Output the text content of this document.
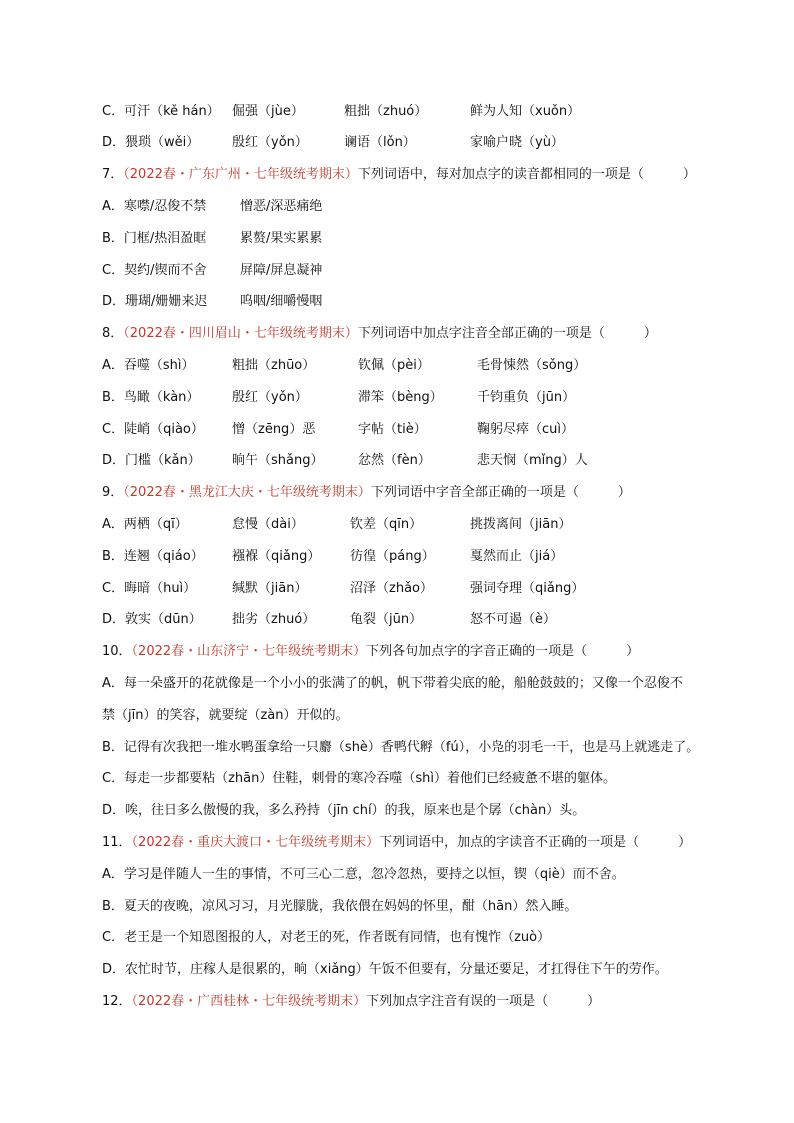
C．可汗（kě hán） 倔强（jùe）	粗拙（zhuó）	鲜为人知（xuǒn）
D．猥琐（wěi）	殷红（yǒn）	谰语（lǒn）	家喻户晓（yù）
7．（2022春・广东广州・七年级统考期末）下列词语中，每对加点字的读音都相同的一项是（　　　）
A．寒噤/忍俊不禁	憎恶/深恶痛绝
B．门框/热泪盈眶	累赘/果实累累
C．契约/锲而不舍	屏障/屏息凝神
D．珊瑚/姗姗来迟	呜咽/细嚼慢咽
8．（2022春・四川眉山・七年级统考期末）下列词语中加点字注音全部正确的一项是（　　　）
A．吞噬（shì）	粗拙（zhūo）	钦佩（pèi）	毛骨悚然（sǒng）
B．鸟瞰（kàn）	殷红（yǒn）	滞笨（bèng）	千钧重负（jūn）
C．陡峭（qiào） 憎（zēng）恶	字帖（tiè）	鞠躬尽瘁（cuì）
D．门槛（kǎn） 晌午（shǎng）	忿然（fèn）	悲天悯（mǐng）人
9．（2022春・黑龙江大庆・七年级统考期末）下列词语中字音全部正确的一项是（　　　）
A．两栖（qī）	怠慢（dài）	钦差（qīn）	挑拨离间（jiān）
B．连翘（qiáo） 襁褓（qiǎng） 彷徨（páng）	戛然而止（jiá）
C．晦暗（huì）	缄默（jiān）	沼泽（zhǎo）	强词夺理（qiǎng）
D．敦实（dūn） 拙劣（zhuó）	龟裂（jūn）	怒不可遏（è）
10．（2022春・山东济宁・七年级统考期末）下列各句加点字的字音正确的一项是（　　　）
A．每一朵盛开的花就像是一个小小的张满了的帆，帆下带着尖底的舱，船舱鼓鼓的；又像一个忍俊不
禁（jīn）的笑容，就要绽（zàn）开似的。
B．记得有次我把一堆水鸭蛋拿给一只麝（shè）香鸭代孵（fú），小凫的羽毛一干，也是马上就逃走了。
C．每走一步都要粘（zhān）住鞋，刺骨的寒冷吞噬（shì）着他们已经疲惫不堪的躯体。
D．唉，往日多么傲慢的我，多么矜持（jīn chí）的我，原来也是个孱（chàn）头。
11．（2022春・重庆大渡口・七年级统考期末）下列词语中，加点的字读音不正确的一项是（　　　）
A．学习是伴随人一生的事情，不可三心二意，忽冷忽热，要持之以恒，锲（qiè）而不舍。
B．夏天的夜晚，凉风习习，月光朦胧，我依偎在妈妈的怀里，酣（hān）然入睡。
C．老王是一个知恩图报的人，对老王的死，作者既有同情，也有愧怍（zuò）
D．农忙时节，庄稼人是很累的，晌（xiǎng）午饭不但要有，分量还要足，才扛得住下午的劳作。
12．（2022春・广西桂林・七年级统考期末）下列加点字注音有误的一项是（　　　）
